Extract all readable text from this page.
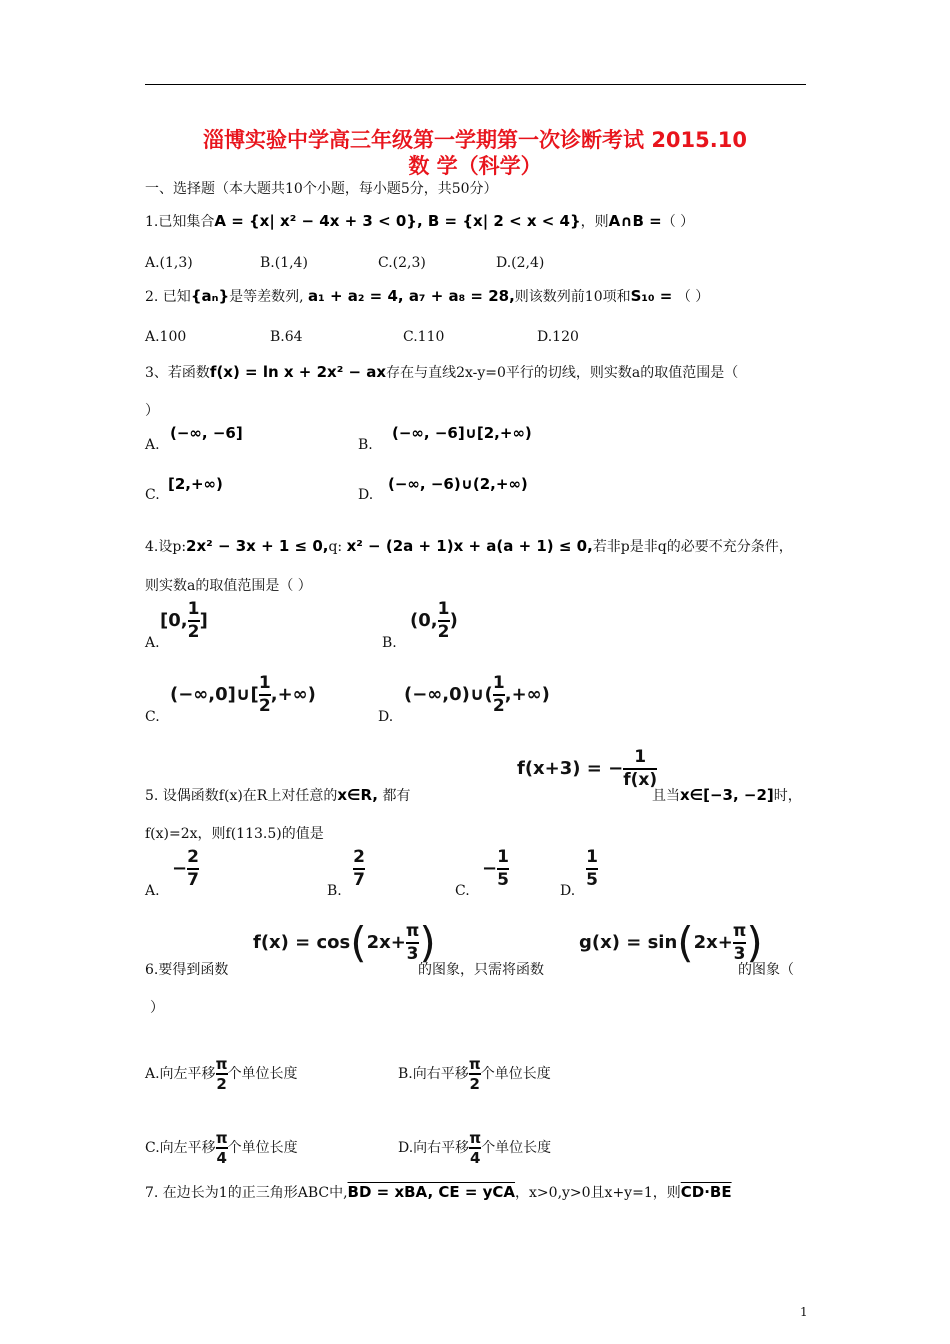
淄博实验中学高三年级第一学期第一次诊断考试 2015.10
数 学（科学）
一、选择题（本大题共10个小题，每小题5分，共50分）
1.已知集合A = {x| x² − 4x + 3 < 0}, B = {x| 2 < x < 4}，则A∩B =（ ）
A.(1,3)	B.(1,4)	C.(2,3)	D.(2,4)
2. 已知{aₙ}是等差数列, a₁ + a₂ = 4, a₇ + a₈ = 28,则该数列前10项和S₁₀ = （ ）
A.100	B.64	C.110	D.120
3、若函数f(x) = ln x + 2x² − ax存在与直线2x-y=0平行的切线，则实数a的取值范围是（
）
A.
(−∞, −6]
B.
(−∞, −6]∪[2,+∞)
C.
[2,+∞)
D.
(−∞, −6)∪(2,+∞)
4.设p:2x² − 3x + 1 ≤ 0,q: x² − (2a + 1)x + a(a + 1) ≤ 0,若非p是非q的必要不充分条件，
则实数a的取值范围是（ ）
A.
[0, $\frac{1}{2}$ ]
B.
(0, $\frac{1}{2}$ )
C.
(−∞,0]∪[ $\frac{1}{2}$ ,+∞)
D.
(−∞,0)∪( $\frac{1}{2}$ ,+∞)
5. 设偶函数f(x)在R上对任意的x∈R, 都有
f(x+3) = − $\frac{1}{f(x)}$
且当x∈[−3, −2]时，
f(x)=2x，则f(113.5)的值是
A.
− $\frac{2}{7}$
B.
$\frac{2}{7}$
C.
− $\frac{1}{5}$
D.
$\frac{1}{5}$
6.要得到函数
$f(x) = \cos(2x+ \frac{\pi}{3}$ )
的图象，只需将函数
$g(x) = \sin(2x+ \frac{\pi}{3}$ )
的图象（
）
A.向左平移 $\frac{\pi}{2}$ 个单位长度	B.向右平移 $\frac{\pi}{2}$ 个单位长度
C.向左平移 $\frac{\pi}{4}$ 个单位长度	D.向右平移 $\frac{\pi}{4}$ 个单位长度
7. 在边长为1的正三角形ABC中,BD = xBA, CE = yCA，x>0,y>0且x+y=1，则CD·BE
1
